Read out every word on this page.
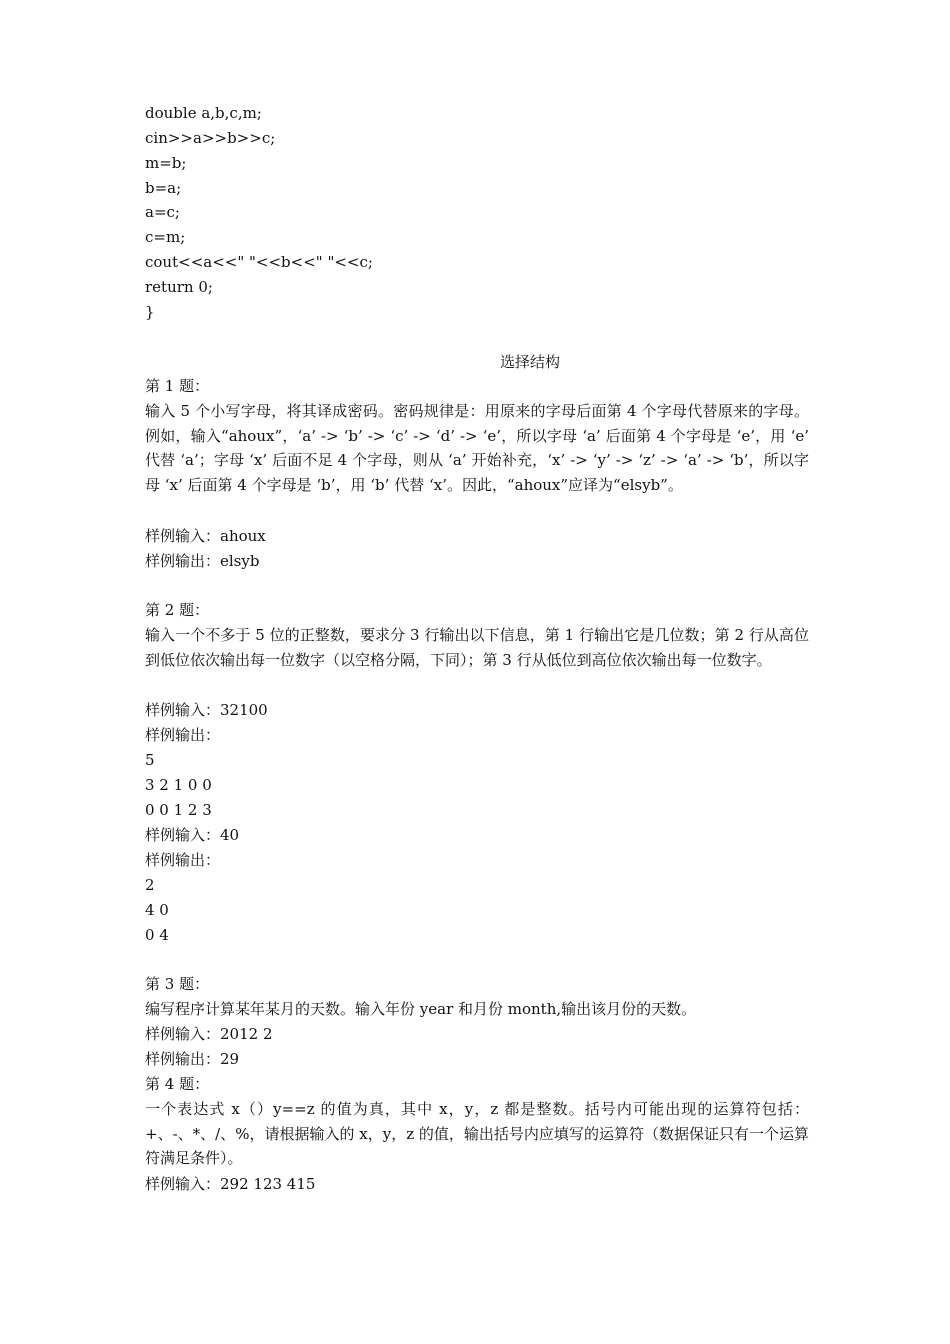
double a,b,c,m;
cin>>a>>b>>c;
m=b;
b=a;
a=c;
c=m;
cout<<a<<" "<<b<<" "<<c;
return 0;
}
选择结构
第 1 题：
输入 5 个小写字母，将其译成密码。密码规律是：用原来的字母后面第 4 个字母代替原来的字母。例如，输入“ahoux”，‘a’ -> ‘b’ -> ‘c’ -> ‘d’ -> ‘e’，所以字母 ‘a’ 后面第 4 个字母是 ‘e’，用 ‘e’ 代替 ‘a’；字母 ‘x’ 后面不足 4 个字母，则从 ‘a’ 开始补充，‘x’ -> ‘y’ -> ‘z’ -> ‘a’ -> ‘b’，所以字母 ‘x’ 后面第 4 个字母是 ‘b’，用 ‘b’ 代替 ‘x’。因此，“ahoux”应译为“elsyb”。
样例输入：ahoux
样例输出：elsyb
第 2 题：
输入一个不多于 5 位的正整数，要求分 3 行输出以下信息，第 1 行输出它是几位数；第 2 行从高位到低位依次输出每一位数字（以空格分隔，下同）；第 3 行从低位到高位依次输出每一位数字。
样例输入：32100
样例输出：
5
3 2 1 0 0
0 0 1 2 3
样例输入：40
样例输出：
2
4 0
0 4
第 3 题：
编写程序计算某年某月的天数。输入年份 year 和月份 month,输出该月份的天数。
样例输入：2012 2
样例输出：29
第 4 题：
一个表达式 x（）y==z 的值为真，其中 x，y，z 都是整数。括号内可能出现的运算符包括：+、-、*、/、%，请根据输入的 x，y，z 的值，输出括号内应填写的运算符（数据保证只有一个运算符满足条件）。
样例输入：292 123 415
